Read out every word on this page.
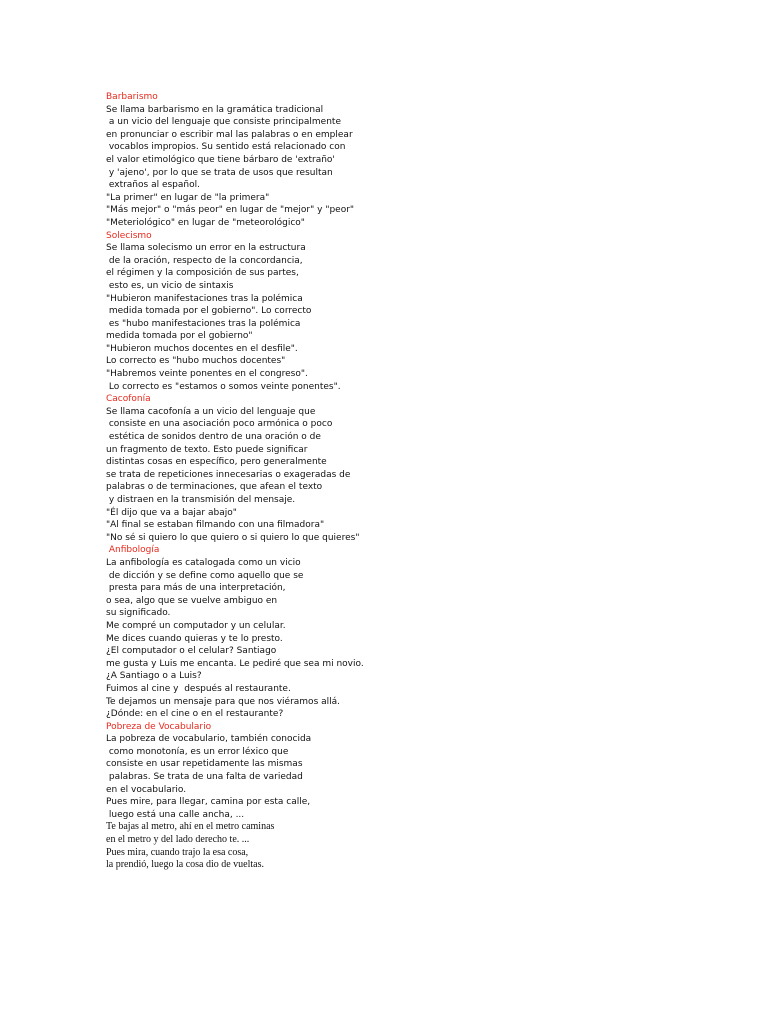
Barbarismo
Se llama barbarismo en la gramática tradicional
a un vicio del lenguaje que consiste principalmente
en pronunciar o escribir mal las palabras o en emplear
vocablos impropios. Su sentido está relacionado con
el valor etimológico que tiene bárbaro de 'extraño'
y 'ajeno', por lo que se trata de usos que resultan
extraños al español.
"La primer" en lugar de "la primera"
"Más mejor" o "más peor" en lugar de "mejor" y "peor"
"Meteriológico" en lugar de "meteorológico"
Solecismo
Se llama solecismo un error en la estructura
de la oración, respecto de la concordancia,
el régimen y la composición de sus partes,
esto es, un vicio de sintaxis
"Hubieron manifestaciones tras la polémica
medida tomada por el gobierno". Lo correcto
es "hubo manifestaciones tras la polémica
medida tomada por el gobierno"
"Hubieron muchos docentes en el desfile".
Lo correcto es "hubo muchos docentes"
"Habremos veinte ponentes en el congreso".
Lo correcto es "estamos o somos veinte ponentes".
Cacofonía
Se llama cacofonía a un vicio del lenguaje que
consiste en una asociación poco armónica o poco
estética de sonidos dentro de una oración o de
un fragmento de texto. Esto puede significar
distintas cosas en específico, pero generalmente
se trata de repeticiones innecesarias o exageradas de
palabras o de terminaciones, que afean el texto
y distraen en la transmisión del mensaje.
"Él dijo que va a bajar abajo"
"Al final se estaban filmando con una filmadora"
"No sé si quiero lo que quiero o si quiero lo que quieres"
Anfibología
La anfibología es catalogada como un vicio
de dicción y se define como aquello que se
presta para más de una interpretación,
o sea, algo que se vuelve ambiguo en
su significado.
Me compré un computador y un celular.
Me dices cuando quieras y te lo presto.
¿El computador o el celular? Santiago
me gusta y Luis me encanta. Le pediré que sea mi novio.
¿A Santiago o a Luis?
Fuimos al cine y  después al restaurante.
Te dejamos un mensaje para que nos viéramos allá.
¿Dónde: en el cine o en el restaurante?
Pobreza de Vocabulario
La pobreza de vocabulario, también conocida
como monotonía, es un error léxico que
consiste en usar repetidamente las mismas
palabras. Se trata de una falta de variedad
en el vocabulario.
Pues mire, para llegar, camina por esta calle,
luego está una calle ancha, ...
Te bajas al metro, ahí en el metro caminas
en el metro y del lado derecho te. ...
Pues mira, cuando trajo la esa cosa,
la prendió, luego la cosa dio de vueltas.
